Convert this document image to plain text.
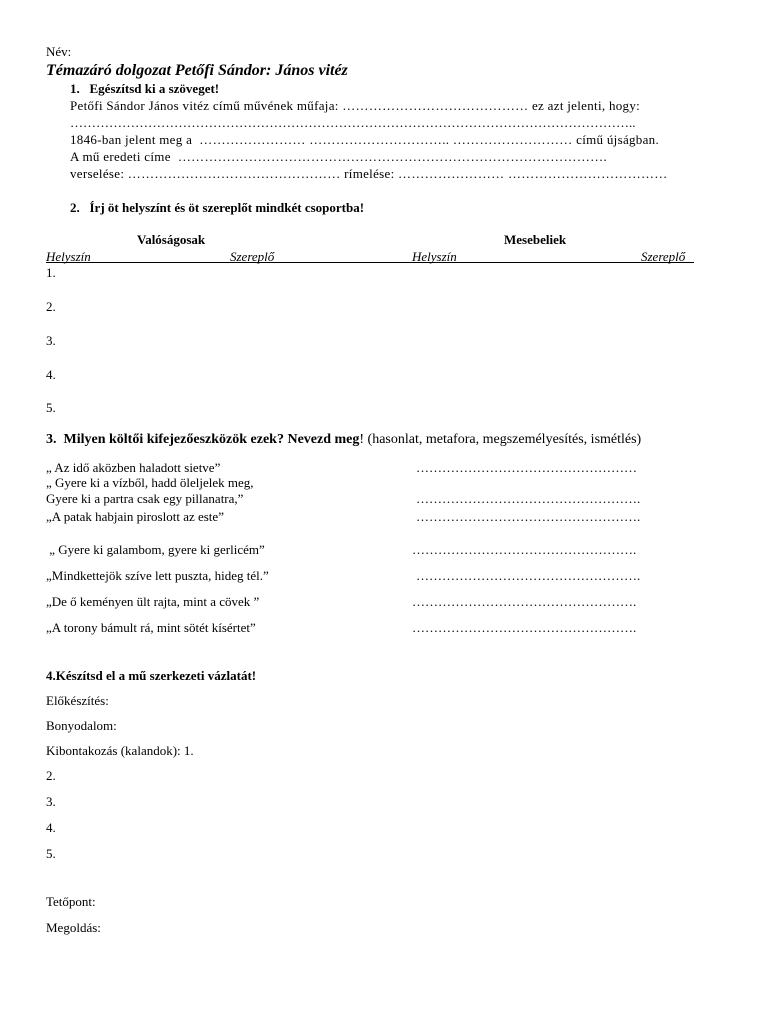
Név:
Témazáró dolgozat Petőfi Sándor: János vitéz
1.   Egészítsd ki a szöveget!
Petőfi Sándor János vitéz című művének műfaja: …………………………………… ez azt jelenti, hogy:
…………………………………………………………………………………………………………………..
1846-ban jelent meg a  …………………… ………………………….. ……………………… című újságban.
A mű eredeti címe  …………………………………………………………………………………….
verselése: ………………………………………… rímelése: …………………… ………………………………
2.   Írj öt helyszínt és öt szereplőt mindkét csoportba!
Valóságosak	Mesebeliek
Helyszín	Szereplő	Helyszín	Szereplő
1.
2.
3.
4.
5.
3.  Milyen költői kifejezőeszközök ezek? Nevezd meg! (hasonlat, metafora, megszemélyesítés, ismétlés)
„ Az idő aközben haladott sietve”	……………………………………………
„ Gyere ki a vízből, hadd öleljelek meg,
Gyere ki a partra csak egy pillanatra,”	…………………………………………….
„A patak habjain piroslott az este”	…………………………………………….
„ Gyere ki galambom, gyere ki gerlicém”	…………………………………………….
„Mindkettejök szíve lett puszta, hideg tél.”	…………………………………………….
„De ő keményen ült rajta, mint a cövek ”	…………………………………………….
„A torony bámult rá, mint sötét kísértet”	…………………………………………….
4.Készítsd el a mű szerkezeti vázlatát!
Előkészítés:
Bonyodalom:
Kibontakozás (kalandok): 1.
2.
3.
4.
5.
Tetőpont:
Megoldás:
